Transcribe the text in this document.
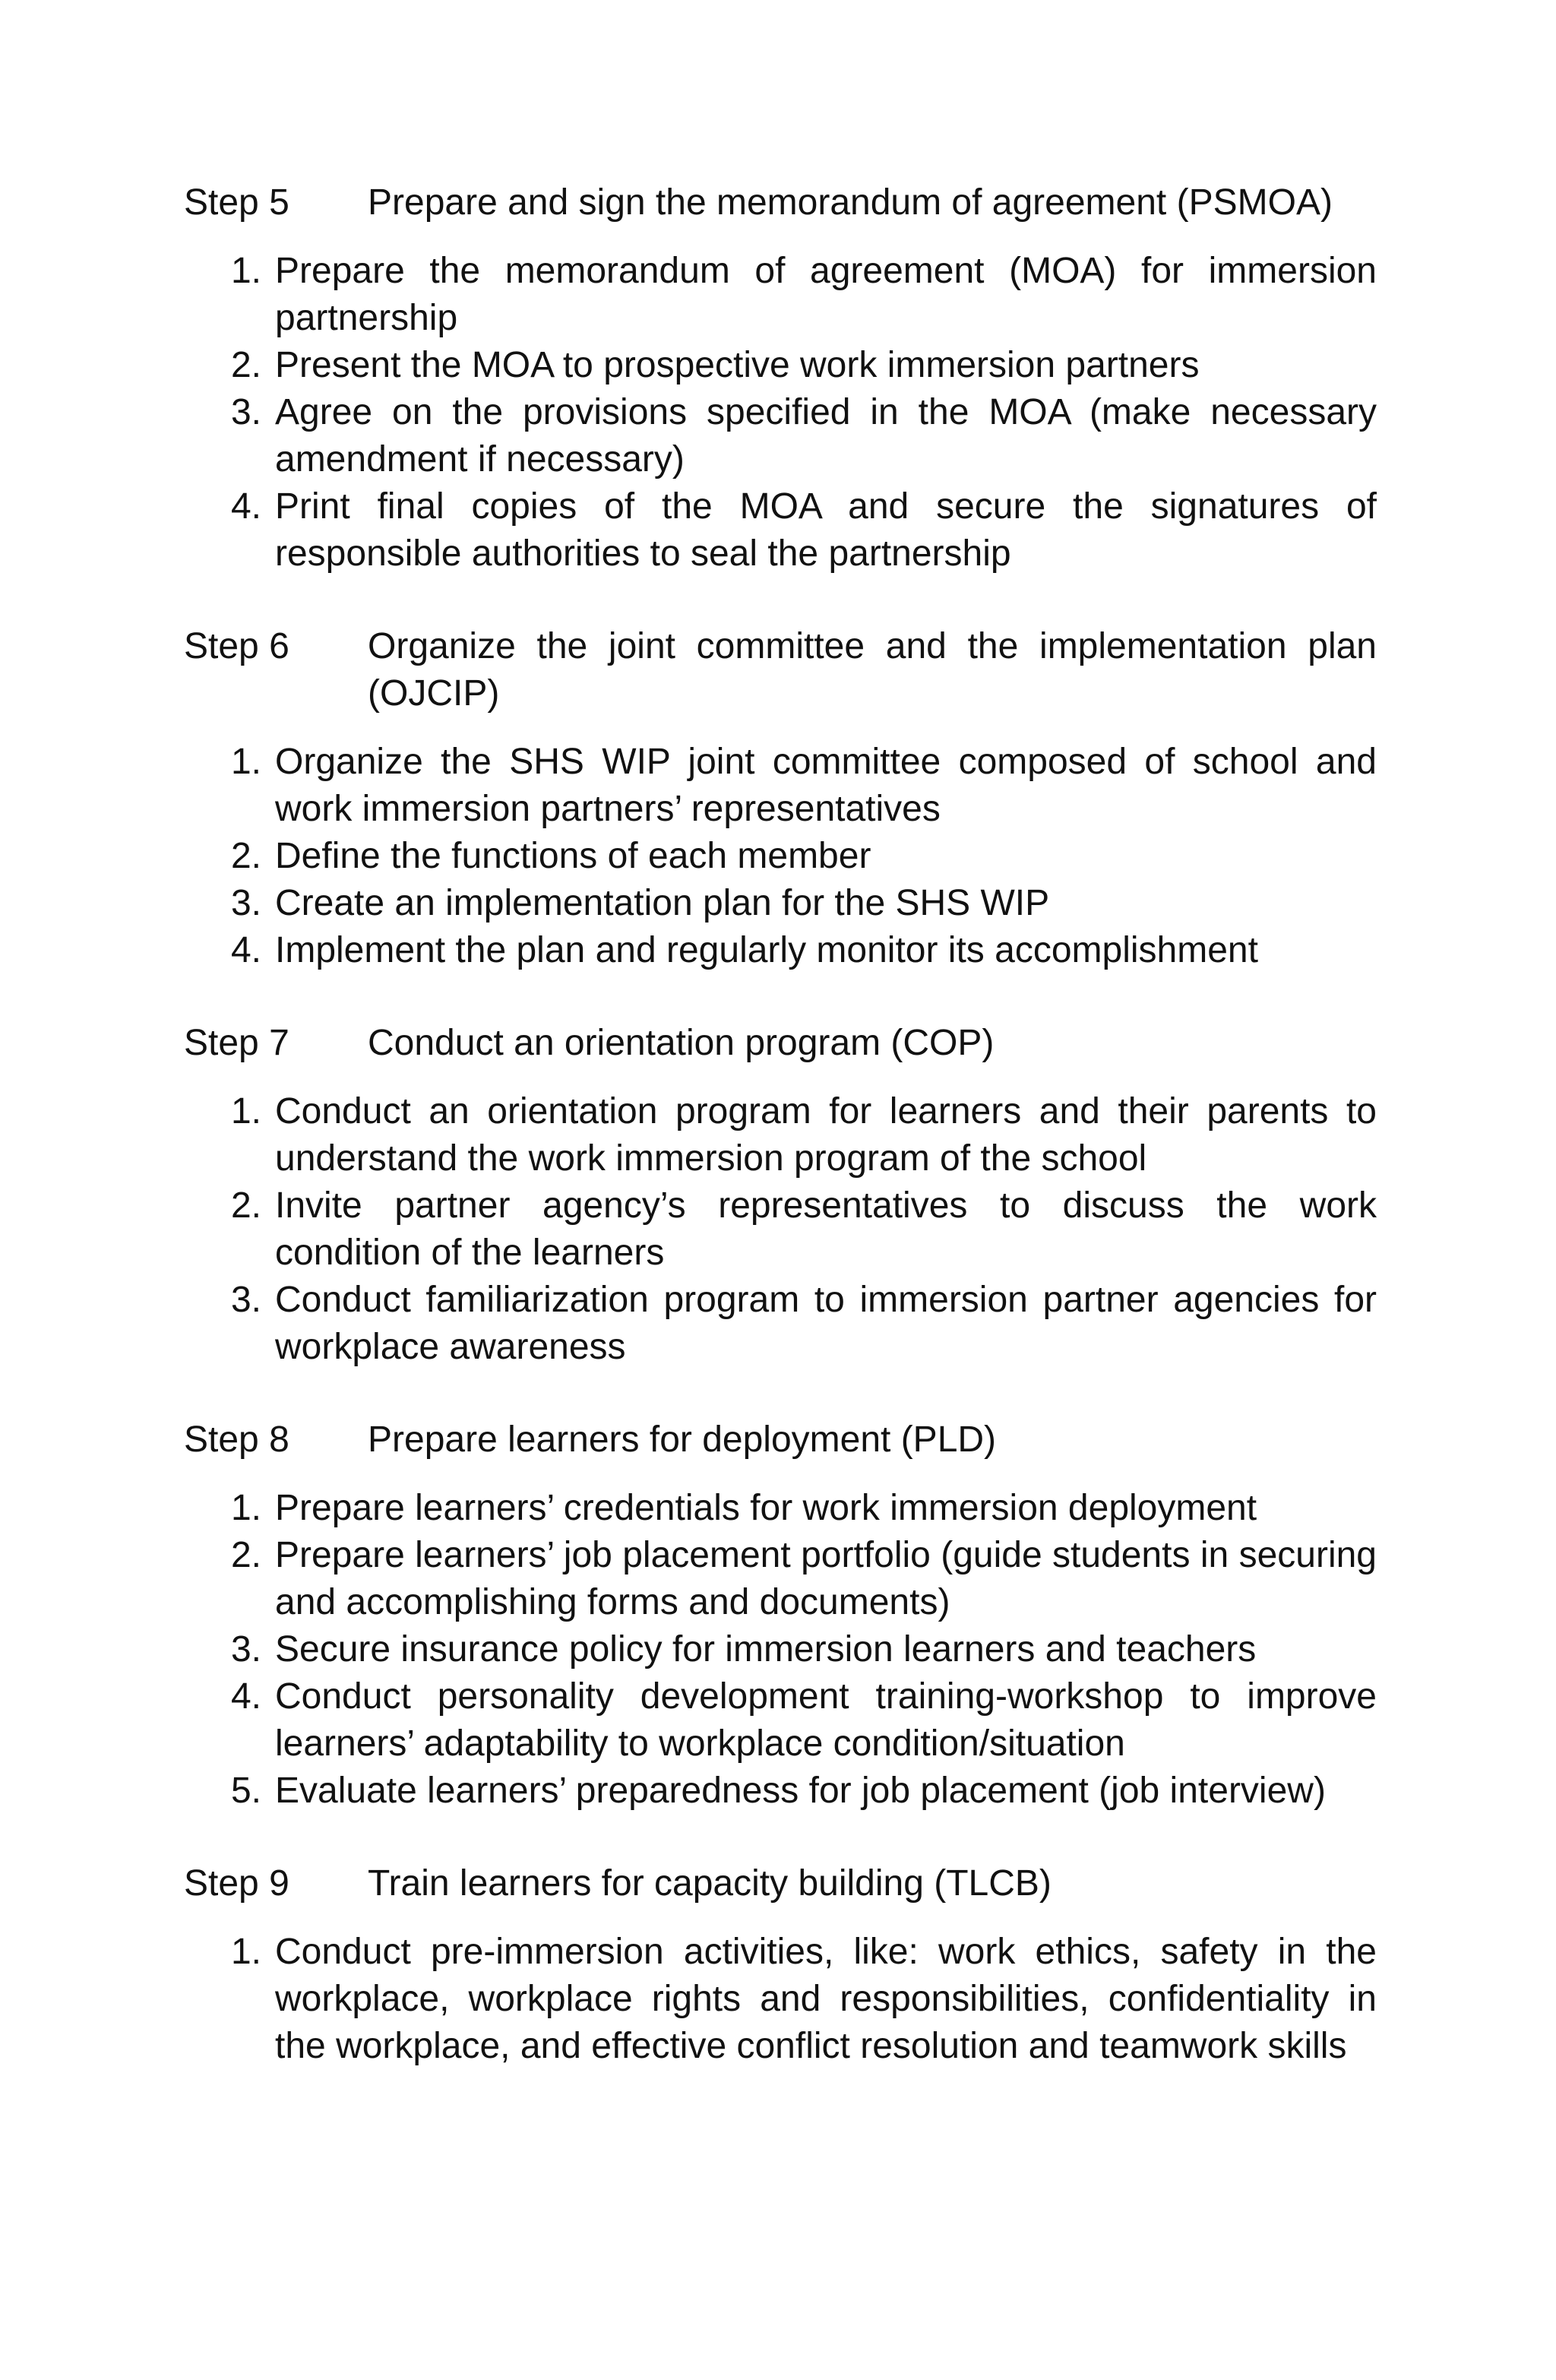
Step 5	Prepare and sign the memorandum of agreement (PSMOA)
1. Prepare the memorandum of agreement (MOA) for immersion partnership
2. Present the MOA to prospective work immersion partners
3. Agree on the provisions specified in the MOA (make necessary amendment if necessary)
4. Print final copies of the MOA and secure the signatures of responsible authorities to seal the partnership
Step 6	Organize the joint committee and the implementation plan (OJCIP)
1. Organize the SHS WIP joint committee composed of school and work immersion partners’ representatives
2. Define the functions of each member
3. Create an implementation plan for the SHS WIP
4. Implement the plan and regularly monitor its accomplishment
Step 7	Conduct an orientation program (COP)
1. Conduct an orientation program for learners and their parents to understand the work immersion program of the school
2. Invite partner agency’s representatives to discuss the work condition of the learners
3. Conduct familiarization program to immersion partner agencies for workplace awareness
Step 8	Prepare learners for deployment (PLD)
1. Prepare learners’ credentials for work immersion deployment
2. Prepare learners’ job placement portfolio (guide students in securing and accomplishing forms and documents)
3. Secure insurance policy for immersion learners and teachers
4. Conduct personality development training-workshop to improve learners’ adaptability to workplace condition/situation
5. Evaluate learners’ preparedness for job placement (job interview)
Step 9	Train learners for capacity building (TLCB)
1. Conduct pre-immersion activities, like: work ethics, safety in the workplace, workplace rights and responsibilities, confidentiality in the workplace, and effective conflict resolution and teamwork skills
